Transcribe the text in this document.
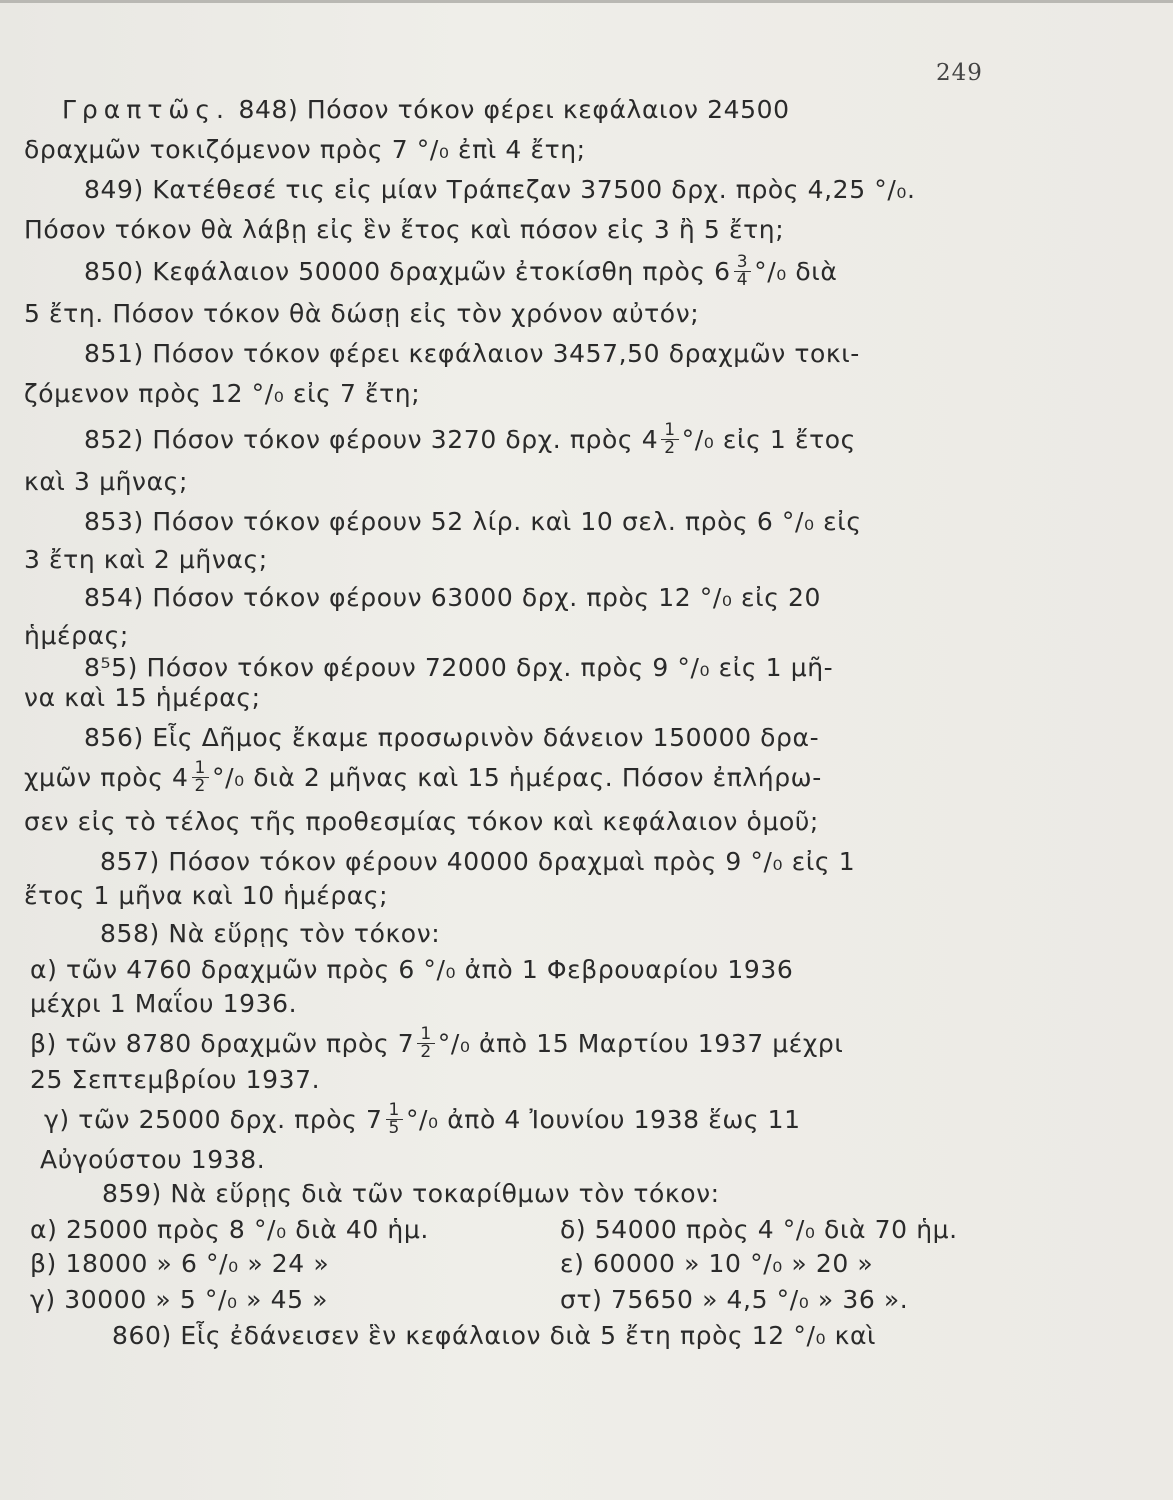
249
Γραπτῶς. 848) Πόσον τόκον φέρει κεφάλαιον 24500
δραχμῶν τοκιζόμενον πρὸς 7 °/₀ ἐπὶ 4 ἔτη;
849) Κατέθεσέ τις εἰς μίαν Τράπεζαν 37500 δρχ. πρὸς 4,25 °/₀.
Πόσον τόκον θὰ λάβῃ εἰς ἓν ἔτος καὶ πόσον εἰς 3 ἢ 5 ἔτη;
850) Κεφάλαιον 50000 δραχμῶν ἐτοκίσθη πρὸς $6 \frac{3}{4} ^\circ/_0$ διὰ
5 ἔτη. Πόσον τόκον θὰ δώσῃ εἰς τὸν χρόνον αὐτόν;
851) Πόσον τόκον φέρει κεφάλαιον 3457,50 δραχμῶν τοκι-
ζόμενον πρὸς 12 °/₀ εἰς 7 ἔτη;
852) Πόσον τόκον φέρουν 3270 δρχ. πρὸς $4 \frac{1}{2} ^\circ/_0$ εἰς 1 ἔτος
καὶ 3 μῆνας;
853) Πόσον τόκον φέρουν 52 λίρ. καὶ 10 σελ. πρὸς 6 °/₀ εἰς
3 ἔτη καὶ 2 μῆνας;
854) Πόσον τόκον φέρουν 63000 δρχ. πρὸς 12 °/₀ εἰς 20
ἡμέρας;
8⁵5) Πόσον τόκον φέρουν 72000 δρχ. πρὸς 9 °/₀ εἰς 1 μῆ-
να καὶ 15 ἡμέρας;
856) Εἷς Δῆμος ἔκαμε προσωρινὸν δάνειον 150000 δρα-
χμῶν πρὸς $4 \frac{1}{2} ^\circ/_0$ διὰ 2 μῆνας καὶ 15 ἡμέρας. Πόσον ἐπλήρω-
σεν εἰς τὸ τέλος τῆς προθεσμίας τόκον καὶ κεφάλαιον ὁμοῦ;
857) Πόσον τόκον φέρουν 40000 δραχμαὶ πρὸς 9 °/₀ εἰς 1
ἔτος 1 μῆνα καὶ 10 ἡμέρας;
858) Νὰ εὕρῃς τὸν τόκον:
α) τῶν 4760 δραχμῶν πρὸς 6 °/₀ ἀπὸ 1 Φεβρουαρίου 1936
μέχρι 1 Μαΐου 1936.
β) τῶν 8780 δραχμῶν πρὸς $7 \frac{1}{2} ^\circ/_0$ ἀπὸ 15 Μαρτίου 1937 μέχρι
25 Σεπτεμβρίου 1937.
γ) τῶν 25000 δρχ. πρὸς $7 \frac{1}{5} ^\circ/_0$ ἀπὸ 4 Ἰουνίου 1938 ἕως 11
Αὐγούστου 1938.
859) Νὰ εὕρῃς διὰ τῶν τοκαρίθμων τὸν τόκον:
α) 25000 πρὸς 8 °/₀ διὰ 40 ἡμ.	δ) 54000 πρὸς 4 °/₀ διὰ 70 ἡμ.
β) 18000 » 6 °/₀ » 24 »	ε) 60000 » 10 °/₀ » 20 »
γ) 30000 » 5 °/₀ » 45 »	στ) 75650 » 4,5 °/₀ » 36 ».
860) Εἷς ἐδάνεισεν ἓν κεφάλαιον διὰ 5 ἔτη πρὸς 12 °/₀ καὶ
